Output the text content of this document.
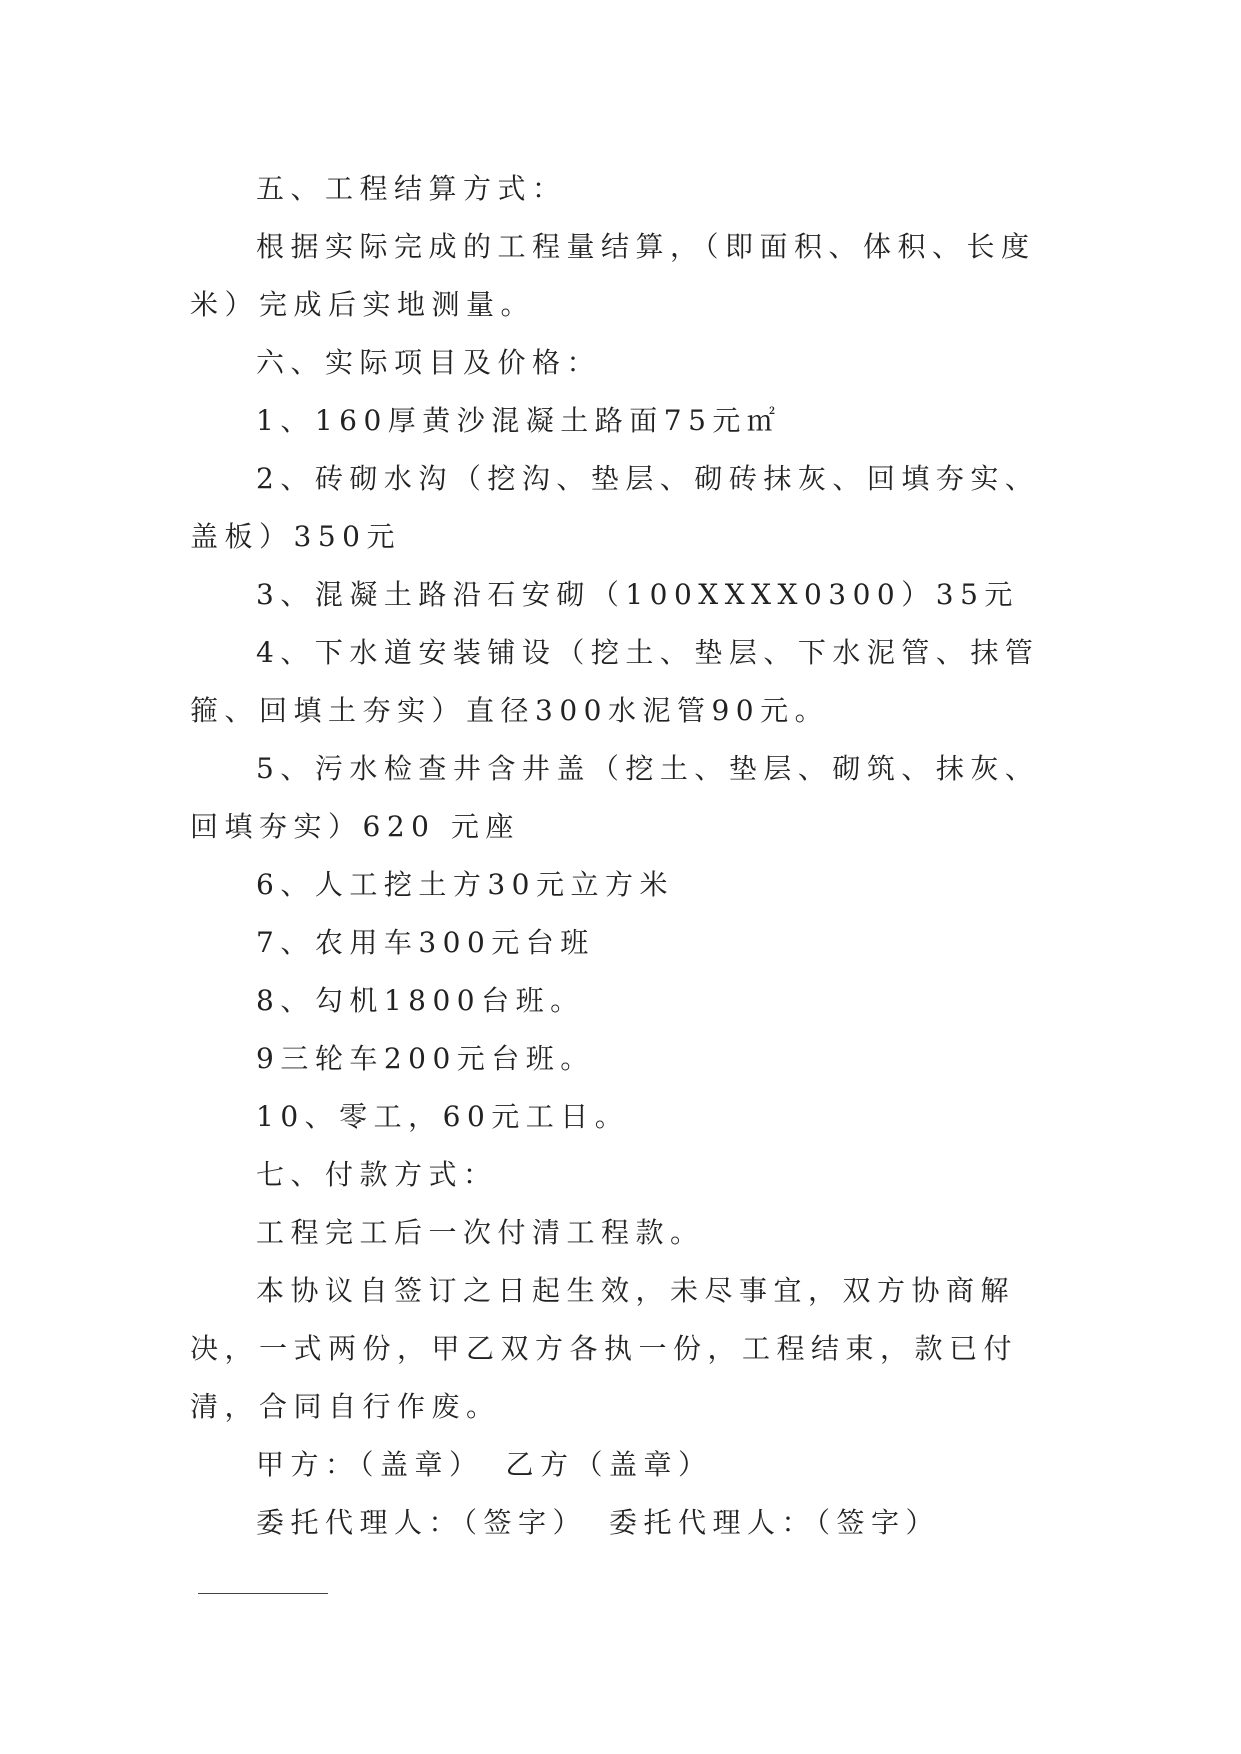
五、工程结算方式：

根据实际完成的工程量结算，（即面积、体积、长度米）完成后实地测量。

六、实际项目及价格：

1、160厚黄沙混凝土路面75元㎡

2、砖砌水沟（挖沟、垫层、砌砖抹灰、回填夯实、盖板）350元

3、混凝土路沿石安砌（100XXXX0300）35元

4、下水道安装铺设（挖土、垫层、下水泥管、抹管箍、回填土夯实）直径300水泥管90元。

5、污水检查井含井盖（挖土、垫层、砌筑、抹灰、回填夯实）620 元座

6、人工挖土方30元立方米

7、农用车300元台班

8、勾机1800台班。

9三轮车200元台班。

10、零工，60元工日。

七、付款方式：

工程完工后一次付清工程款。

本协议自签订之日起生效，未尽事宜，双方协商解决，一式两份，甲乙双方各执一份，工程结束，款已付清，合同自行作废。

甲方：（盖章） 乙方（盖章）

委托代理人：（签字） 委托代理人：（签字）
